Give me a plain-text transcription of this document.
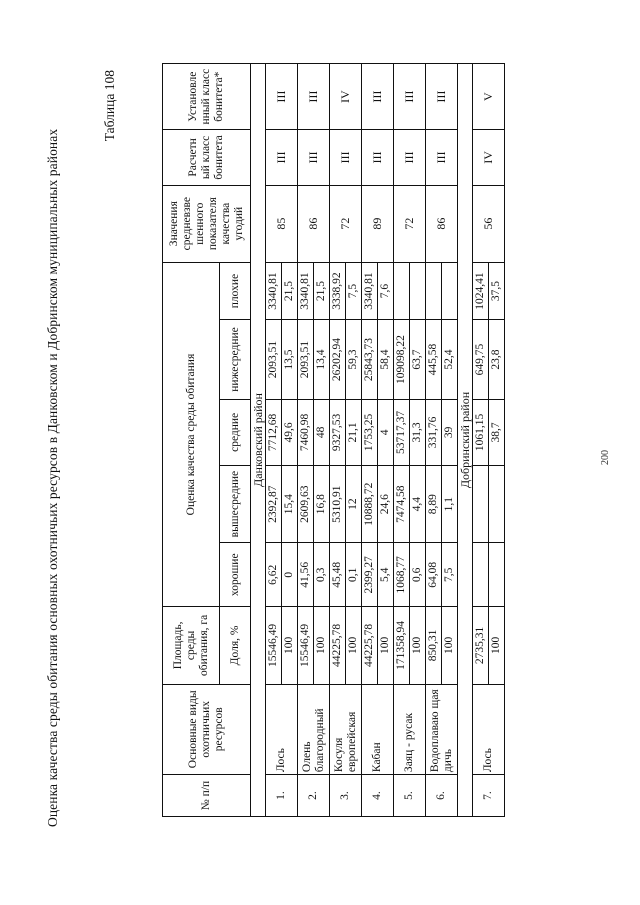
Оценка качества среды обитания основных охотничьих ресурсов в Данковском и Добринском муниципальных районах
Таблица 108
№ п/п	Основные виды охотничьих ресурсов	Площадь, среды обитания, га	Оценка качества среды обитания					Значения средневзве шенного показателя качества угодий	Расчетн ый класс бонитета	Установле нный класс бонитета*
		Доля, %	хорошие	вышесредние	средние	нижесредние	плохие			
Данковский район										
1.	Лось	15546,49	6,62	2392,87	7712,68	2093,51	3340,81	85	III	III
		100	0	15,4	49,6	13,5	21,5			
2.	Олень благородный	15546,49	41,56	2609,63	7460,98	2093,51	3340,81	86	III	III
		100	0,3	16,8	48	13,4	21,5			
3.	Косуля европейская	44225,78	45,48	5310,91	9327,53	26202,94	3338,92	72	III	IV
		100	0,1	12	21,1	59,3	7,5			
4.	Кабан	44225,78	2399,27	10888,72	1753,25	25843,73	3340,81	89	III	III
		100	5,4	24,6	4	58,4	7,6			
5.	Заяц - русак	171358,94	1068,77	7474,58	53717,37	109098,22		72	III	III
		100	0,6	4,4	31,3	63,7				
6.	Водоплаваю щая дичь	850,31	64,08	8,89	331,76	445,58		86	III	III
		100	7,5	1,1	39	52,4				
Добринский район										
7.	Лось	2735,31			1061,15	649,75	1024,41	56	IV	V
		100			38,7	23,8	37,5			
200
